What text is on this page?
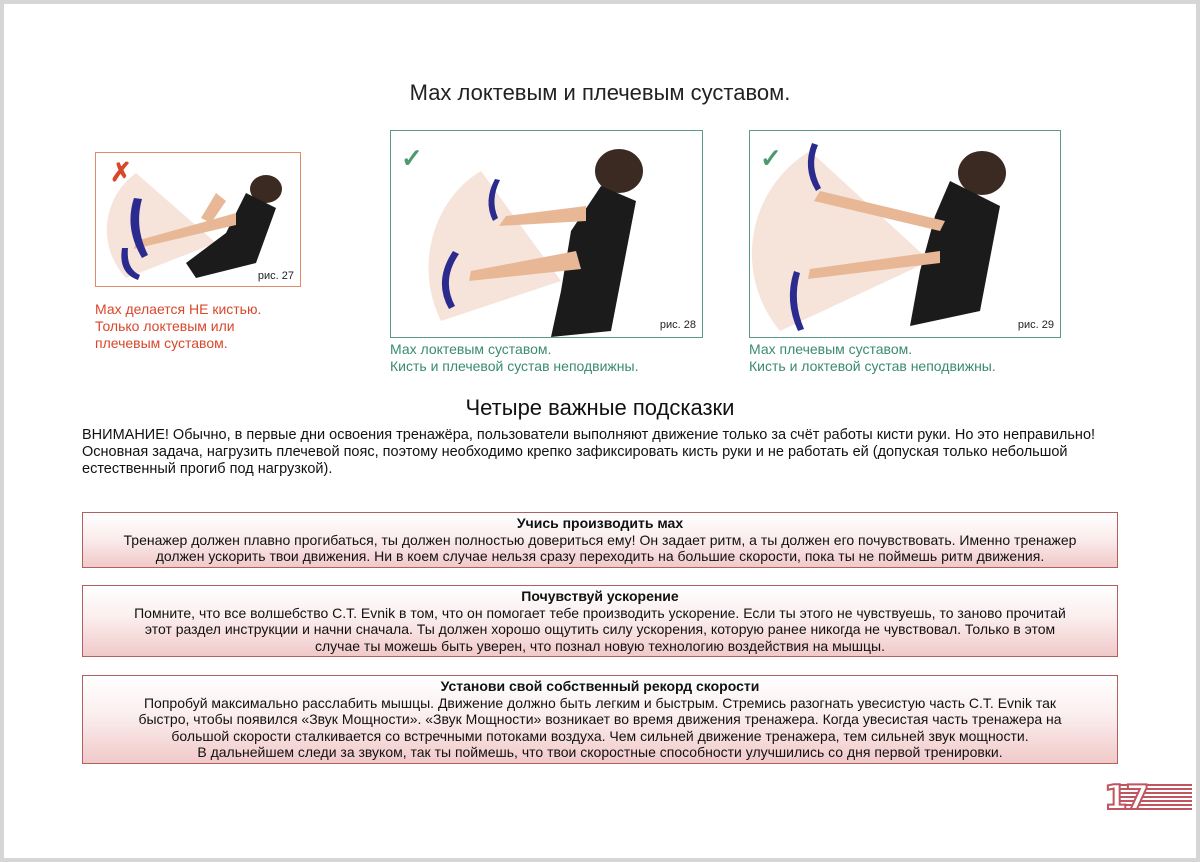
Мах локтевым и плечевым суставом.
✗
рис. 27
Мах делается НЕ кистью.
Только локтевым или
плечевым суставом.
✓
рис. 28
Мах локтевым суставом.
Кисть и плечевой сустав неподвижны.
✓
рис. 29
Мах плечевым суставом.
Кисть и локтевой сустав неподвижны.
Четыре важные подсказки

ВНИМАНИЕ! Обычно, в первые дни освоения тренажёра, пользователи выполняют движение только за счёт работы кисти руки. Но это неправильно!

Основная задача, нагрузить плечевой пояс, поэтому необходимо крепко зафиксировать кисть руки и не работать ей (допуская только небольшой естественный прогиб под нагрузкой).

Учись производить мах
Тренажер должен плавно прогибаться, ты должен полностью довериться ему! Он задает ритм, а ты должен его почувствовать. Именно тренажер
должен ускорить твои движения. Ни в коем случае нельзя сразу переходить на большие скорости, пока ты не поймешь ритм движения.
Почувствуй ускорение
Помните, что все волшебство С.Т. Evnik в том, что он помогает тебе производить ускорение. Если ты этого не чувствуешь, то заново прочитай
этот раздел инструкции и начни сначала. Ты должен хорошо ощутить силу ускорения, которую ранее никогда не чувствовал. Только в этом
случае ты можешь быть уверен, что познал новую технологию воздействия на мышцы.
Установи свой собственный рекорд скорости
Попробуй максимально расслабить мышцы. Движение должно быть легким и быстрым. Стремись разогнать увесистую часть С.Т. Evnik так
быстро, чтобы появился «Звук Мощности». «Звук Мощности» возникает во время движения тренажера. Когда увесистая часть тренажера на
большой скорости сталкивается со встречными потоками воздуха. Чем сильней движение тренажера, тем сильней звук мощности.
В дальнейшем следи за звуком, так ты поймешь, что твои скоростные способности улучшились со дня первой тренировки.
17
